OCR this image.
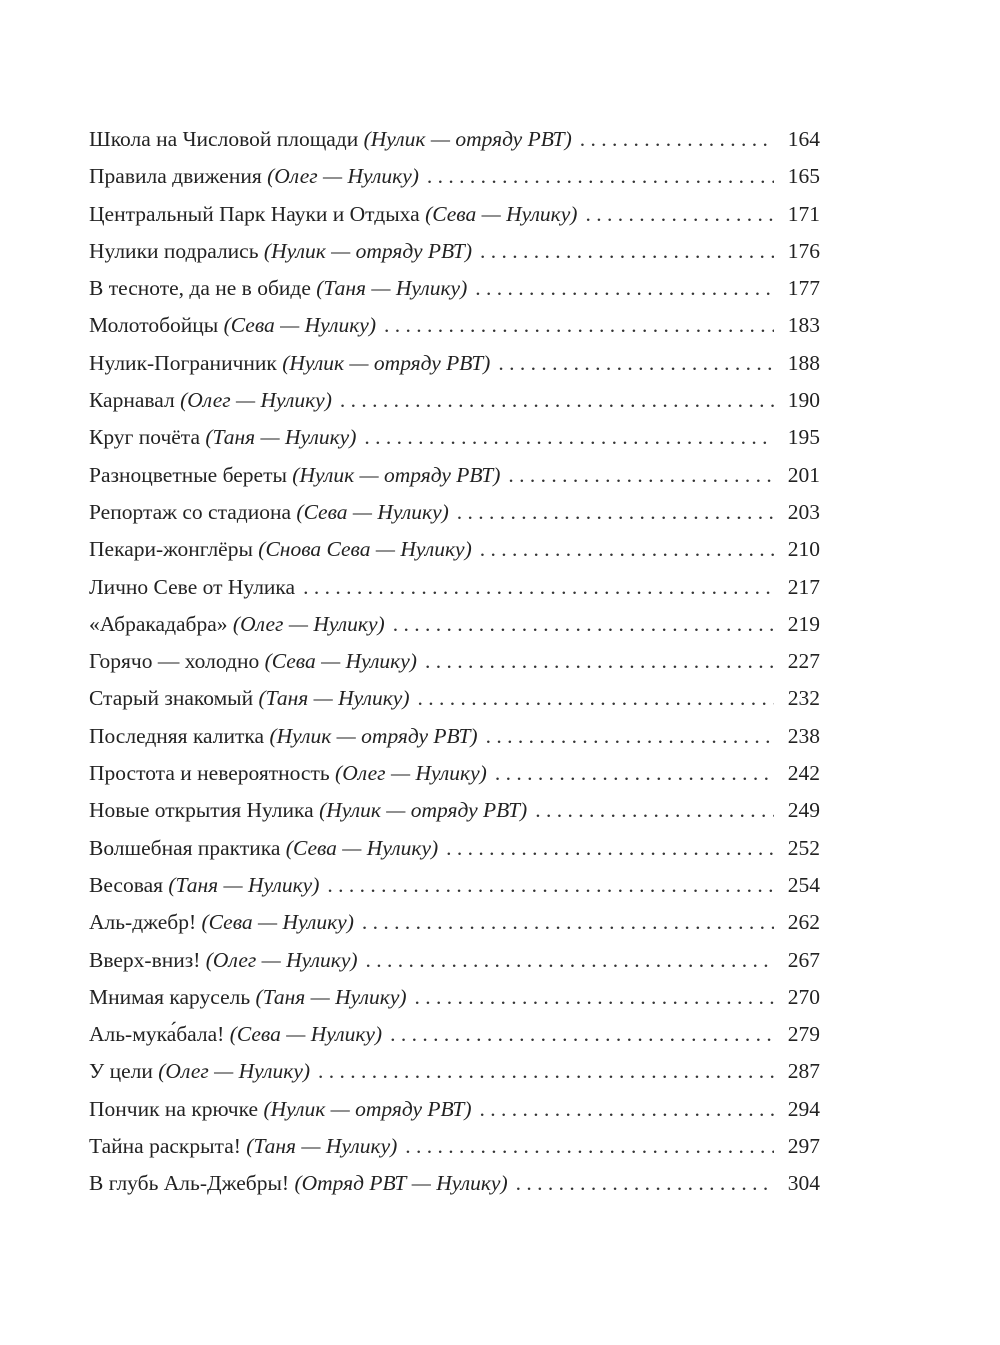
Школа на Числовой площади (Нулик — отряду РВТ) . . .	164
Правила движения (Олег — Нулику) . . .	165
Центральный Парк Науки и Отдыха (Сева — Нулику) . . .	171
Нулики подрались (Нулик — отряду РВТ) . . .	176
В тесноте, да не в обиде (Таня — Нулику) . . .	177
Молотобойцы (Сева — Нулику) . . .	183
Нулик-Пограничник (Нулик — отряду РВТ) . . .	188
Карнавал (Олег — Нулику) . . .	190
Круг почёта (Таня — Нулику) . . .	195
Разноцветные береты (Нулик — отряду РВТ) . . .	201
Репортаж со стадиона (Сева — Нулику) . . .	203
Пекари-жонглёры (Снова Сева — Нулику) . . .	210
Лично Севе от Нулика . . .	217
«Абракадабра» (Олег — Нулику) . . .	219
Горячо — холодно (Сева — Нулику) . . .	227
Старый знакомый (Таня — Нулику) . . .	232
Последняя калитка (Нулик — отряду РВТ) . . .	238
Простота и невероятность (Олег — Нулику) . . .	242
Новые открытия Нулика (Нулик — отряду РВТ) . . .	249
Волшебная практика (Сева — Нулику) . . .	252
Весовая (Таня — Нулику) . . .	254
Аль-джебр! (Сева — Нулику) . . .	262
Вверх-вниз! (Олег — Нулику) . . .	267
Мнимая карусель (Таня — Нулику) . . .	270
Аль-мука́бала! (Сева — Нулику) . . .	279
У цели (Олег — Нулику) . . .	287
Пончик на крючке (Нулик — отряду РВТ) . . .	294
Тайна раскрыта! (Таня — Нулику) . . .	297
В глубь Аль-Джебры! (Отряд РВТ — Нулику) . . .	304
